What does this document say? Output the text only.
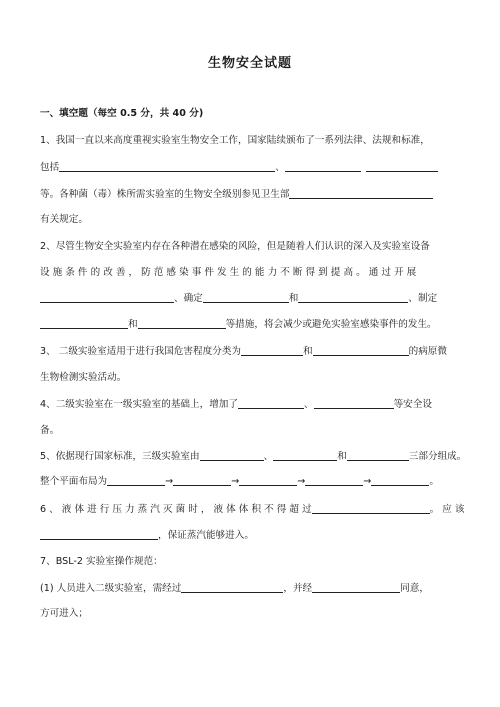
生物安全试题
一、填空题（每空 0.5 分，共 40 分)
1、我国一直以来高度重视实验室生物安全工作，国家陆续颁布了一系列法律、法规和标准，
包括	、
等。各种菌（毒）株所需实验室的生物安全级别参见卫生部
有关规定。
2、尽管生物安全实验室内存在各种潜在感染的风险，但是随着人们认识的深入及实验室设备
设 施 条 件 的 改 善 ， 防 范 感 染 事 件 发 生 的 能 力 不 断 得 到 提 高 。 通 过 开 展
、确定	和	、制定
和	等措施，将会减少或避免实验室感染事件的发生。
3、 二级实验室适用于进行我国危害程度分类为	和	的病原微
生物检测实验活动。
4、二级实验室在一级实验室的基础上，增加了	、	等安全设
备。
5、依据现行国家标准，三级实验室由	、	和	三部分组成。
整个平面布局为	→	→	→	→	。
6 、 液 体 进 行 压 力 蒸 汽 灭 菌 时 ， 液 体 体 积 不 得 超 过	。 应 该
，保证蒸汽能够进入。
7、BSL-2 实验室操作规范：
(1) 人员进入二级实验室，需经过	，并经	同意，
方可进入；
